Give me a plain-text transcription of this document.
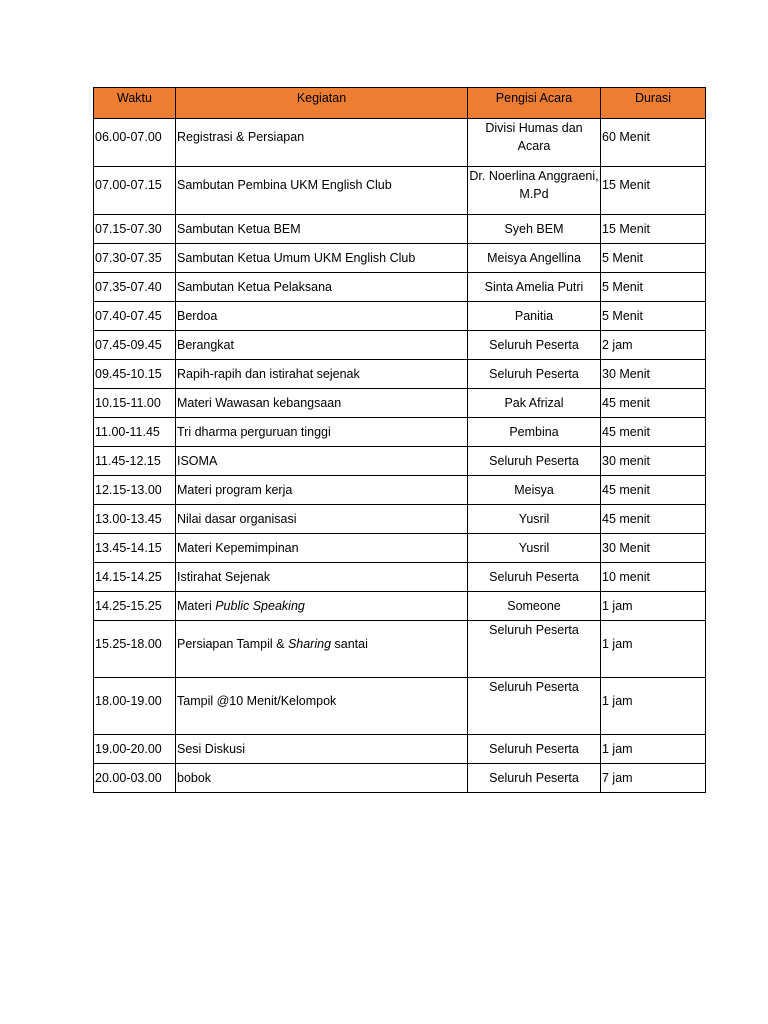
Waktu	Kegiatan	Pengisi Acara	Durasi
06.00-07.00	Registrasi & Persiapan	Divisi Humas dan Acara	60 Menit
07.00-07.15	Sambutan Pembina UKM English Club	Dr. Noerlina Anggraeni, M.Pd	15 Menit
07.15-07.30	Sambutan Ketua BEM	Syeh BEM	15 Menit
07.30-07.35	Sambutan Ketua Umum UKM English Club	Meisya Angellina	5 Menit
07.35-07.40	Sambutan Ketua Pelaksana	Sinta Amelia Putri	5 Menit
07.40-07.45	Berdoa	Panitia	5 Menit
07.45-09.45	Berangkat	Seluruh Peserta	2 jam
09.45-10.15	Rapih-rapih dan istirahat sejenak	Seluruh Peserta	30 Menit
10.15-11.00	Materi Wawasan kebangsaan	Pak Afrizal	45 menit
11.00-11.45	Tri dharma perguruan tinggi	Pembina	45 menit
11.45-12.15	ISOMA	Seluruh Peserta	30 menit
12.15-13.00	Materi program kerja	Meisya	45 menit
13.00-13.45	Nilai dasar organisasi	Yusril	45 menit
13.45-14.15	Materi Kepemimpinan	Yusril	30 Menit
14.15-14.25	Istirahat Sejenak	Seluruh Peserta	10 menit
14.25-15.25	Materi Public Speaking	Someone	1 jam
15.25-18.00	Persiapan Tampil & Sharing santai	Seluruh Peserta	1 jam
18.00-19.00	Tampil @10 Menit/Kelompok	Seluruh Peserta	1 jam
19.00-20.00	Sesi Diskusi	Seluruh Peserta	1 jam
20.00-03.00	bobok	Seluruh Peserta	7 jam
